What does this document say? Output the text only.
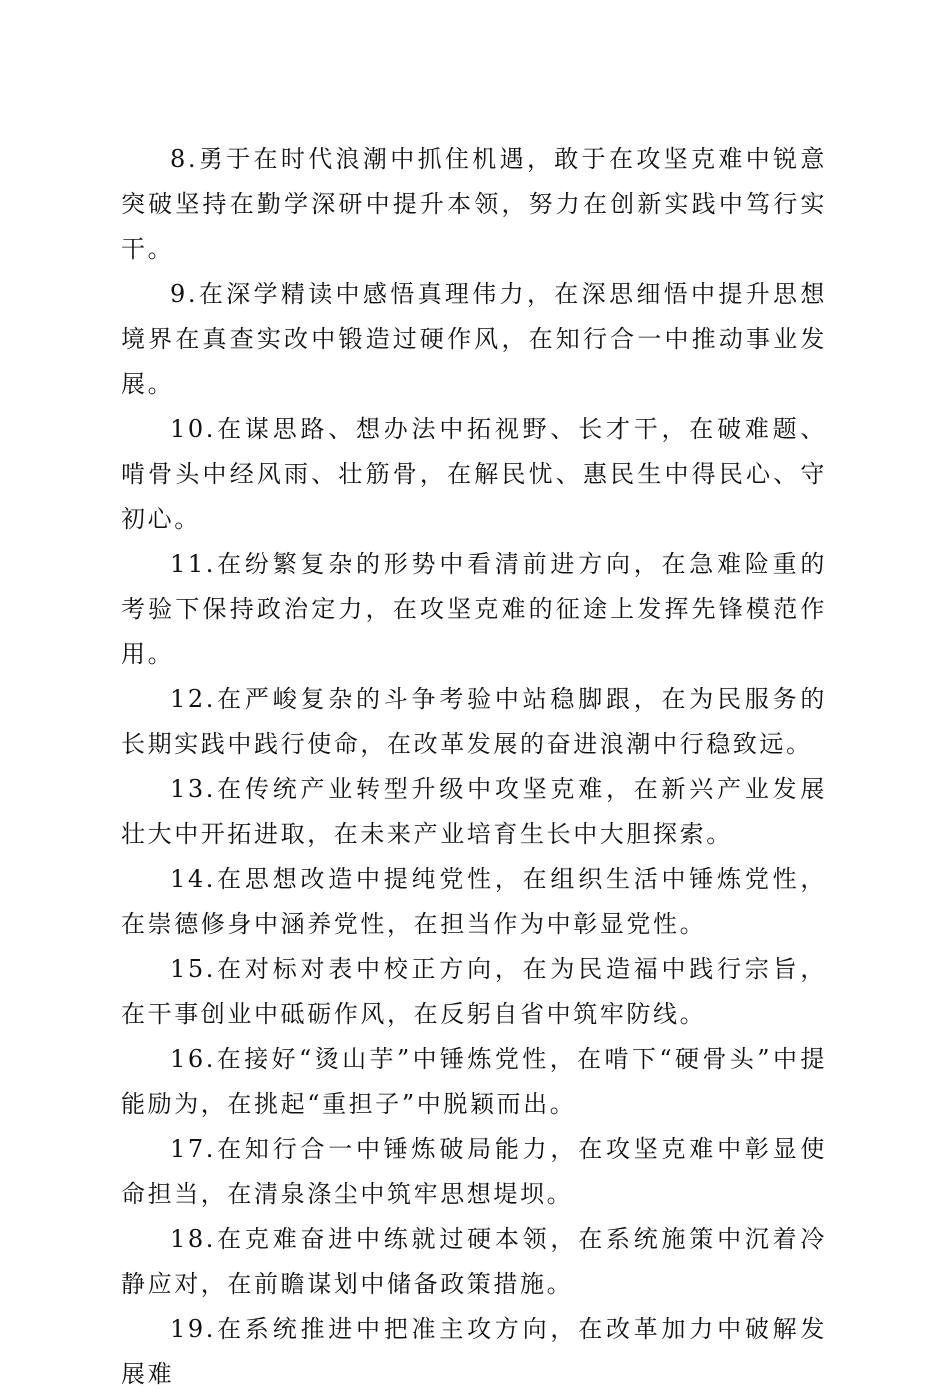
8.勇于在时代浪潮中抓住机遇，敢于在攻坚克难中锐意突破坚持在勤学深研中提升本领，努力在创新实践中笃行实干。

9.在深学精读中感悟真理伟力，在深思细悟中提升思想境界在真查实改中锻造过硬作风，在知行合一中推动事业发展。

10.在谋思路、想办法中拓视野、长才干，在破难题、啃骨头中经风雨、壮筋骨，在解民忧、惠民生中得民心、守初心。

11.在纷繁复杂的形势中看清前进方向，在急难险重的考验下保持政治定力，在攻坚克难的征途上发挥先锋模范作用。

12.在严峻复杂的斗争考验中站稳脚跟，在为民服务的长期实践中践行使命，在改革发展的奋进浪潮中行稳致远。

13.在传统产业转型升级中攻坚克难，在新兴产业发展壮大中开拓进取，在未来产业培育生长中大胆探索。

14.在思想改造中提纯党性，在组织生活中锤炼党性，在崇德修身中涵养党性，在担当作为中彰显党性。

15.在对标对表中校正方向，在为民造福中践行宗旨，在干事创业中砥砺作风，在反躬自省中筑牢防线。

16.在接好“烫山芋”中锤炼党性，在啃下“硬骨头”中提能励为，在挑起“重担子”中脱颖而出。

17.在知行合一中锤炼破局能力，在攻坚克难中彰显使命担当，在清泉涤尘中筑牢思想堤坝。

18.在克难奋进中练就过硬本领，在系统施策中沉着冷静应对，在前瞻谋划中储备政策措施。

19.在系统推进中把准主攻方向，在改革加力中破解发展难
